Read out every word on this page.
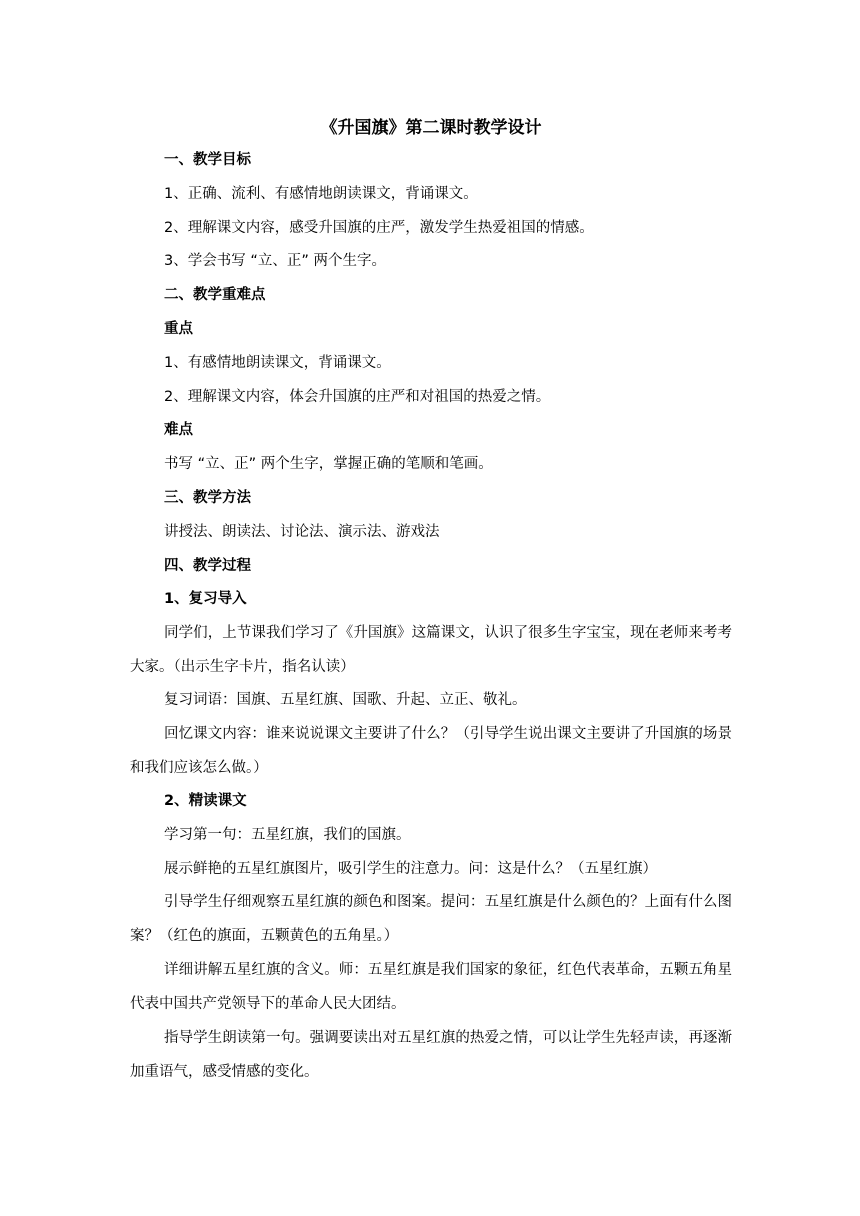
《升国旗》第二课时教学设计
一、教学目标
1、正确、流利、有感情地朗读课文，背诵课文。
2、理解课文内容，感受升国旗的庄严，激发学生热爱祖国的情感。
3、学会书写 “立、正” 两个生字。
二、教学重难点
重点
1、有感情地朗读课文，背诵课文。
2、理解课文内容，体会升国旗的庄严和对祖国的热爱之情。
难点
书写 “立、正” 两个生字，掌握正确的笔顺和笔画。
三、教学方法
讲授法、朗读法、讨论法、演示法、游戏法
四、教学过程
1、复习导入
同学们，上节课我们学习了《升国旗》这篇课文，认识了很多生字宝宝，现在老师来考考大家。（出示生字卡片，指名认读）
复习词语：国旗、五星红旗、国歌、升起、立正、敬礼。
回忆课文内容：谁来说说课文主要讲了什么？（引导学生说出课文主要讲了升国旗的场景和我们应该怎么做。）
2、精读课文
学习第一句：五星红旗，我们的国旗。
展示鲜艳的五星红旗图片，吸引学生的注意力。问：这是什么？（五星红旗）
引导学生仔细观察五星红旗的颜色和图案。提问：五星红旗是什么颜色的？上面有什么图案？（红色的旗面，五颗黄色的五角星。）
详细讲解五星红旗的含义。师：五星红旗是我们国家的象征，红色代表革命，五颗五角星代表中国共产党领导下的革命人民大团结。
指导学生朗读第一句。强调要读出对五星红旗的热爱之情，可以让学生先轻声读，再逐渐加重语气，感受情感的变化。
